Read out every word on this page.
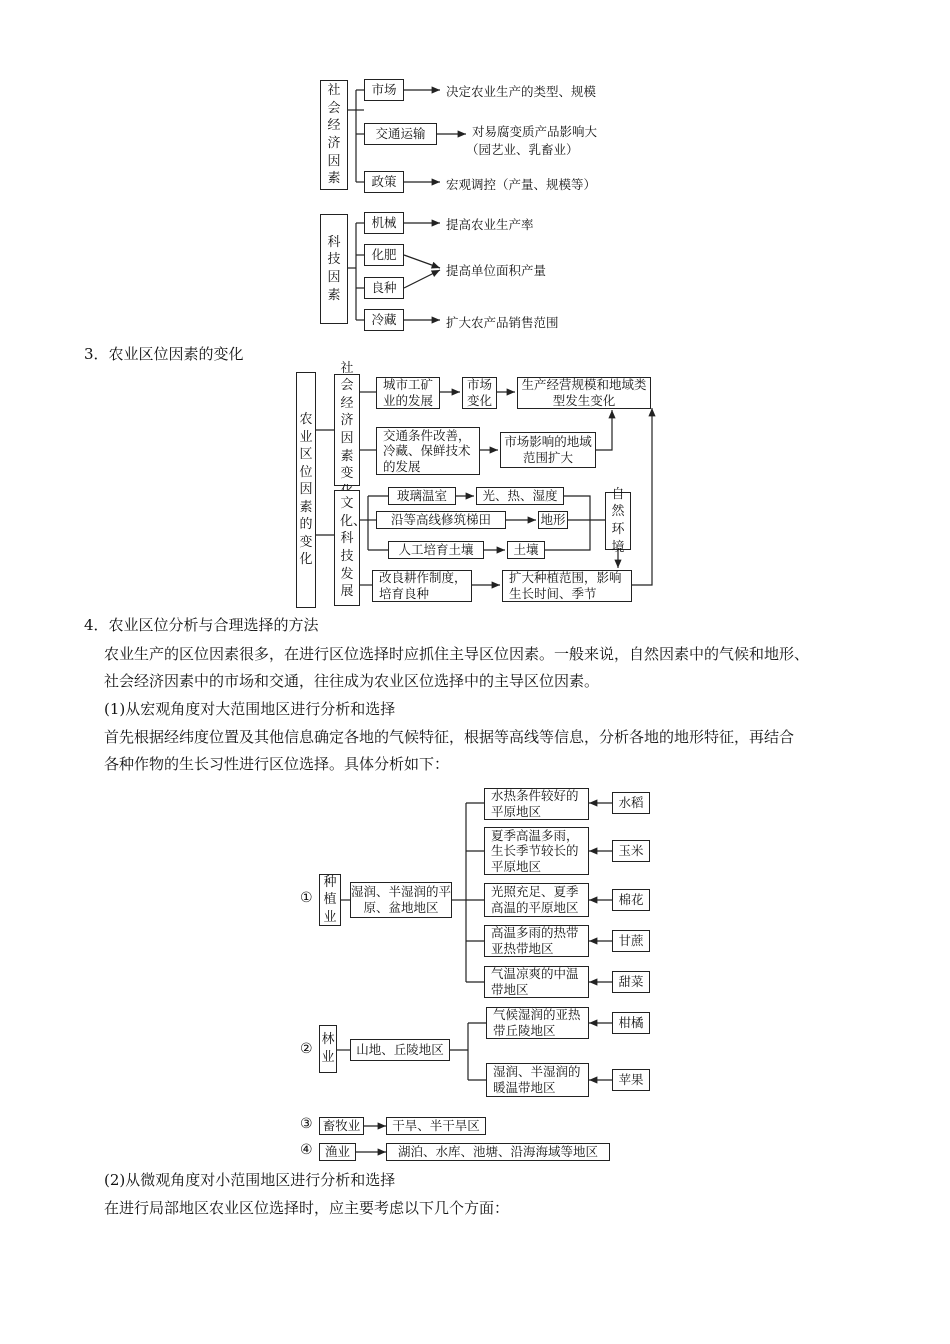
社会经济因素
科技因素
市场
交通运输
政策
机械
化肥
良种
冷藏
决定农业生产的类型、规模
对易腐变质产品影响大
（园艺业、乳畜业）
宏观调控（产量、规模等）
提高农业生产率
提高单位面积产量
扩大农产品销售范围
3．农业区位因素的变化
农业区位因素的变化
社会经济因素变
文化、科技发展
城市工矿业的发展
市场变化
生产经营规模和地域类型发生变化
交通条件改善，冷藏、保鲜技术的发展
市场影响的地域范围扩大
玻璃温室	光、热、湿度
沿等高线修筑梯田	地形
人工培育土壤	土壤
自然环境
改良耕作制度，培育良种
扩大种植范围，影响生长时间、季节
4．农业区位分析与合理选择的方法
农业生产的区位因素很多，在进行区位选择时应抓住主导区位因素。一般来说，自然因素中的气候和地形、
社会经济因素中的市场和交通，往往成为农业区位选择中的主导区位因素。
(1)从宏观角度对大范围地区进行分析和选择
首先根据经纬度位置及其他信息确定各地的气候特征，根据等高线等信息，分析各地的地形特征，再结合
各种作物的生长习性进行区位选择。具体分析如下：
①
种植业
湿润、半湿润的平原、盆地地区
水热条件较好的平原地区
夏季高温多雨，生长季节较长的平原地区
光照充足、夏季高温的平原地区
高温多雨的热带亚热带地区
气温凉爽的中温带地区
水稻
玉米
棉花
甘蔗
甜菜
②
林业
山地、丘陵地区
气候湿润的亚热带丘陵地区
湿润、半湿润的暖温带地区
柑橘
苹果
③ 畜牧业	干旱、半干旱区
④ 渔业	湖泊、水库、池塘、沿海海域等地区
(2)从微观角度对小范围地区进行分析和选择
在进行局部地区农业区位选择时，应主要考虑以下几个方面：
